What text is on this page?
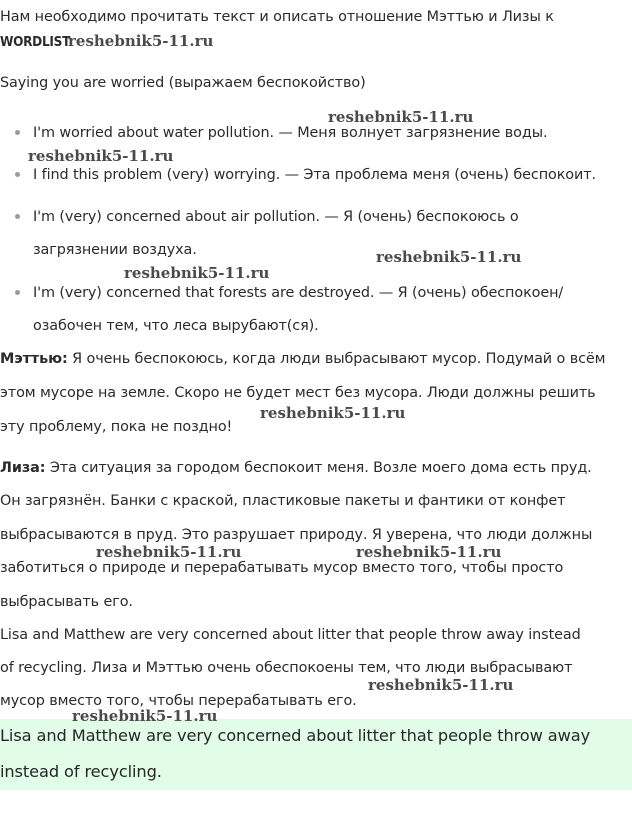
Нам необходимо прочитать текст и описать отношение Мэттью и Лизы к
WORDLIST
Saying you are worried (выражаем беспокойство)
I'm worried about water pollution. — Меня волнует загрязнение воды.
I find this problem (very) worrying. — Эта проблема меня (очень) беспокоит.
I'm (very) concerned about air pollution. — Я (очень) беспокоюсь о
загрязнении воздуха.
I'm (very) concerned that forests are destroyed. — Я (очень) обеспокоен/
озабочен тем, что леса вырубают(ся).
Мэттью: Я очень беспокоюсь, когда люди выбрасывают мусор. Подумай о всём
этом мусоре на земле. Скоро не будет мест без мусора. Люди должны решить
эту проблему, пока не поздно!
Лиза: Эта ситуация за городом беспокоит меня. Возле моего дома есть пруд.
Он загрязнён. Банки с краской, пластиковые пакеты и фантики от конфет
выбрасываются в пруд. Это разрушает природу. Я уверена, что люди должны
заботиться о природе и перерабатывать мусор вместо того, чтобы просто
выбрасывать его.
Lisa and Matthew are very concerned about litter that people throw away instead
of recycling. Лиза и Мэттью очень обеспокоены тем, что люди выбрасывают
мусор вместо того, чтобы перерабатывать его.
Lisa and Matthew are very concerned about litter that people throw away
instead of recycling.
reshebnik5-11.ru
reshebnik5-11.ru
reshebnik5-11.ru
reshebnik5-11.ru
reshebnik5-11.ru
reshebnik5-11.ru
reshebnik5-11.ru	reshebnik5-11.ru
reshebnik5-11.ru
reshebnik5-11.ru
